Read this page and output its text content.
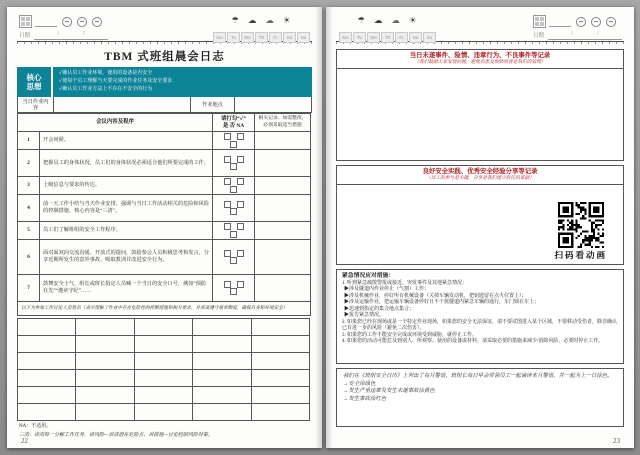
日期	/	/
☂ ☁ ☁ ☀
Mo	Tu	We	Th	Fr	Sa	Su
TBM 式班组晨会日志
核心
思想
✓确认员工作业环境、使用的设备是否安全
✓使每个员工理解当天要完成的作业任务及安全要求
✓确认员工作业方法上不存在不安全的行为
当日作业内容	作业地点
会议内容及程序		请打勾“✓”
是 否 NA	相关记录、如需整改，必须采取适当措施
1	开会问候。		
2	把握员工的身体状况，员工们的身体状况必须适合他们所要完成的工作。		
3	上级信息与要求的传达。		
4	前一天工作小结与当天作业安排，强调与当日工作活动相关的危险和风险的控制措施，核心内容是“三清”。		
5	员工们了解班组的安全工作程序。		
6	面对面双向交流沟通，开放式的提问，鼓励参会人员积极思考和发言，分享近期所发生的意外事故，吸取教训并改进安全行为。		
7	鼓舞安全士气，组长或班长指定人员喊一个当日的安全口号，例如“预防在先”“遵章守纪”……		
以下为参加工作讨论人员签名（表示理解了作业中存在危险性的控制措施和相关要求，并承诺遵守规章制度，确保自身和环境安全）			

NA：不适用。
三清：讲清每一分解工作任务、讲风险—讲清潜在危险点、讲措施—讨论控制风险对策。
22
☂ ☁ ☁ ☀
Mo	Tu	We	Th	Fr	Sa	Su	日期	/	/
当日未遂事件、险情、违章行为、不良事件等记录
（我们鼓励大家发现问题，避免伤害及预防改善是我们的管理）
良好安全实践、优秀安全经验分享等记录
（员工的参与是关键，分享是我们建立信任的基础）
扫码看动画
紧急情况应对措施：
1. 听到紧急疏散警报或接近、突发事件及其他紧急情况：
▶涉及隧道内作业停止（气割）工作；
▶涉及机械作业，停好所有机械设备（关掉车辆发动机，把钥匙留在点火位置上）；
▶涉及运输作业，把运输车辆设备停好且不干扰隧道内紧急车辆的通行，车门锁在车上；
▶迅速到指定的集合地点集合；
▶报告紧急情况。
2. 如果您已经在现场或是一个特定作业现场，如果您的安全无法保证，请不要试图进入某个区域，不要移动受伤者，除非确认已有进一步的风险（避免二次伤害）。
3. 如果您的工作不能安全完成或环境受到威胁，就停止工作。
4. 如果您的活动可能危及到别人、所观察、使用的设备或材料，请采取必要的措施来减少/消除风险，必要时停止工作。
我们在《班组安全日历》上列出了每月警语，班组长每日早会带领员工一起诵读本月警语，并一起为上一日涂色。
→安全涂绿色
→发生严重违章及发生未遂事故涂黄色
→发生事故涂红色
23
